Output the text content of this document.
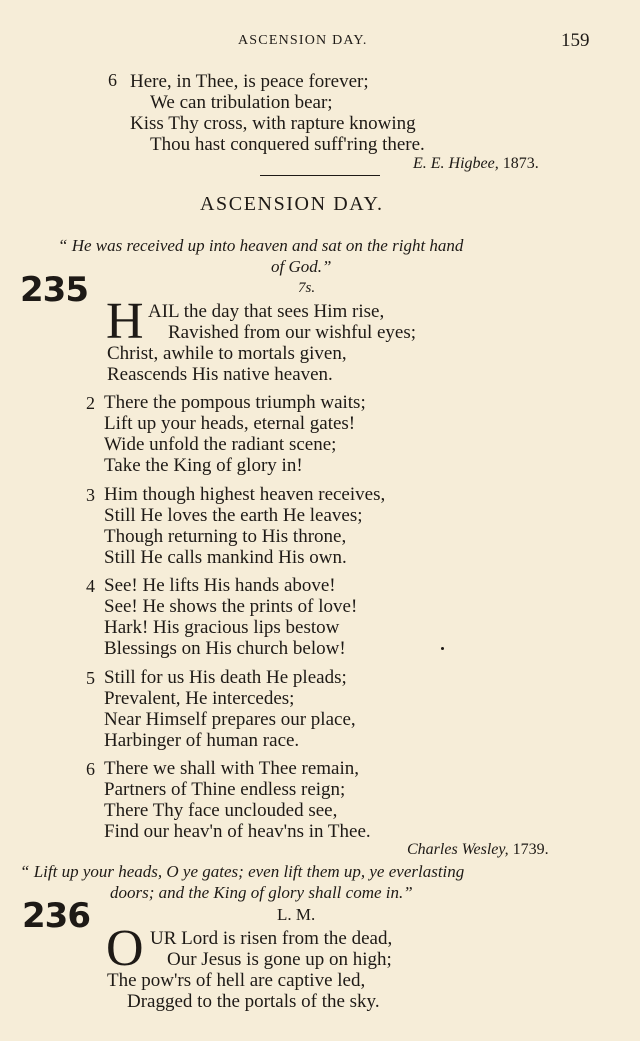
ASCENSION DAY.	159
6 Here, in Thee, is peace forever;
We can tribulation bear;
Kiss Thy cross, with rapture knowing
Thou hast conquered suff'ring there.
E. E. Higbee, 1873.
ASCENSION DAY.
“ He was received up into heaven and sat on the right hand
of God.”
235	7s.
H AIL the day that sees Him rise,
Ravished from our wishful eyes;
Christ, awhile to mortals given,
Reascends His native heaven.
2 There the pompous triumph waits;
Lift up your heads, eternal gates!
Wide unfold the radiant scene;
Take the King of glory in!
3 Him though highest heaven receives,
Still He loves the earth He leaves;
Though returning to His throne,
Still He calls mankind His own.
4 See! He lifts His hands above!
See! He shows the prints of love!
Hark! His gracious lips bestow
Blessings on His church below!
5 Still for us His death He pleads;
Prevalent, He intercedes;
Near Himself prepares our place,
Harbinger of human race.
6 There we shall with Thee remain,
Partners of Thine endless reign;
There Thy face unclouded see,
Find our heav'n of heav'ns in Thee.
Charles Wesley, 1739.
“ Lift up your heads, O ye gates; even lift them up, ye everlasting
doors; and the King of glory shall come in.”
236	L. M.
O UR Lord is risen from the dead,
Our Jesus is gone up on high;
The pow'rs of hell are captive led,
Dragged to the portals of the sky.
